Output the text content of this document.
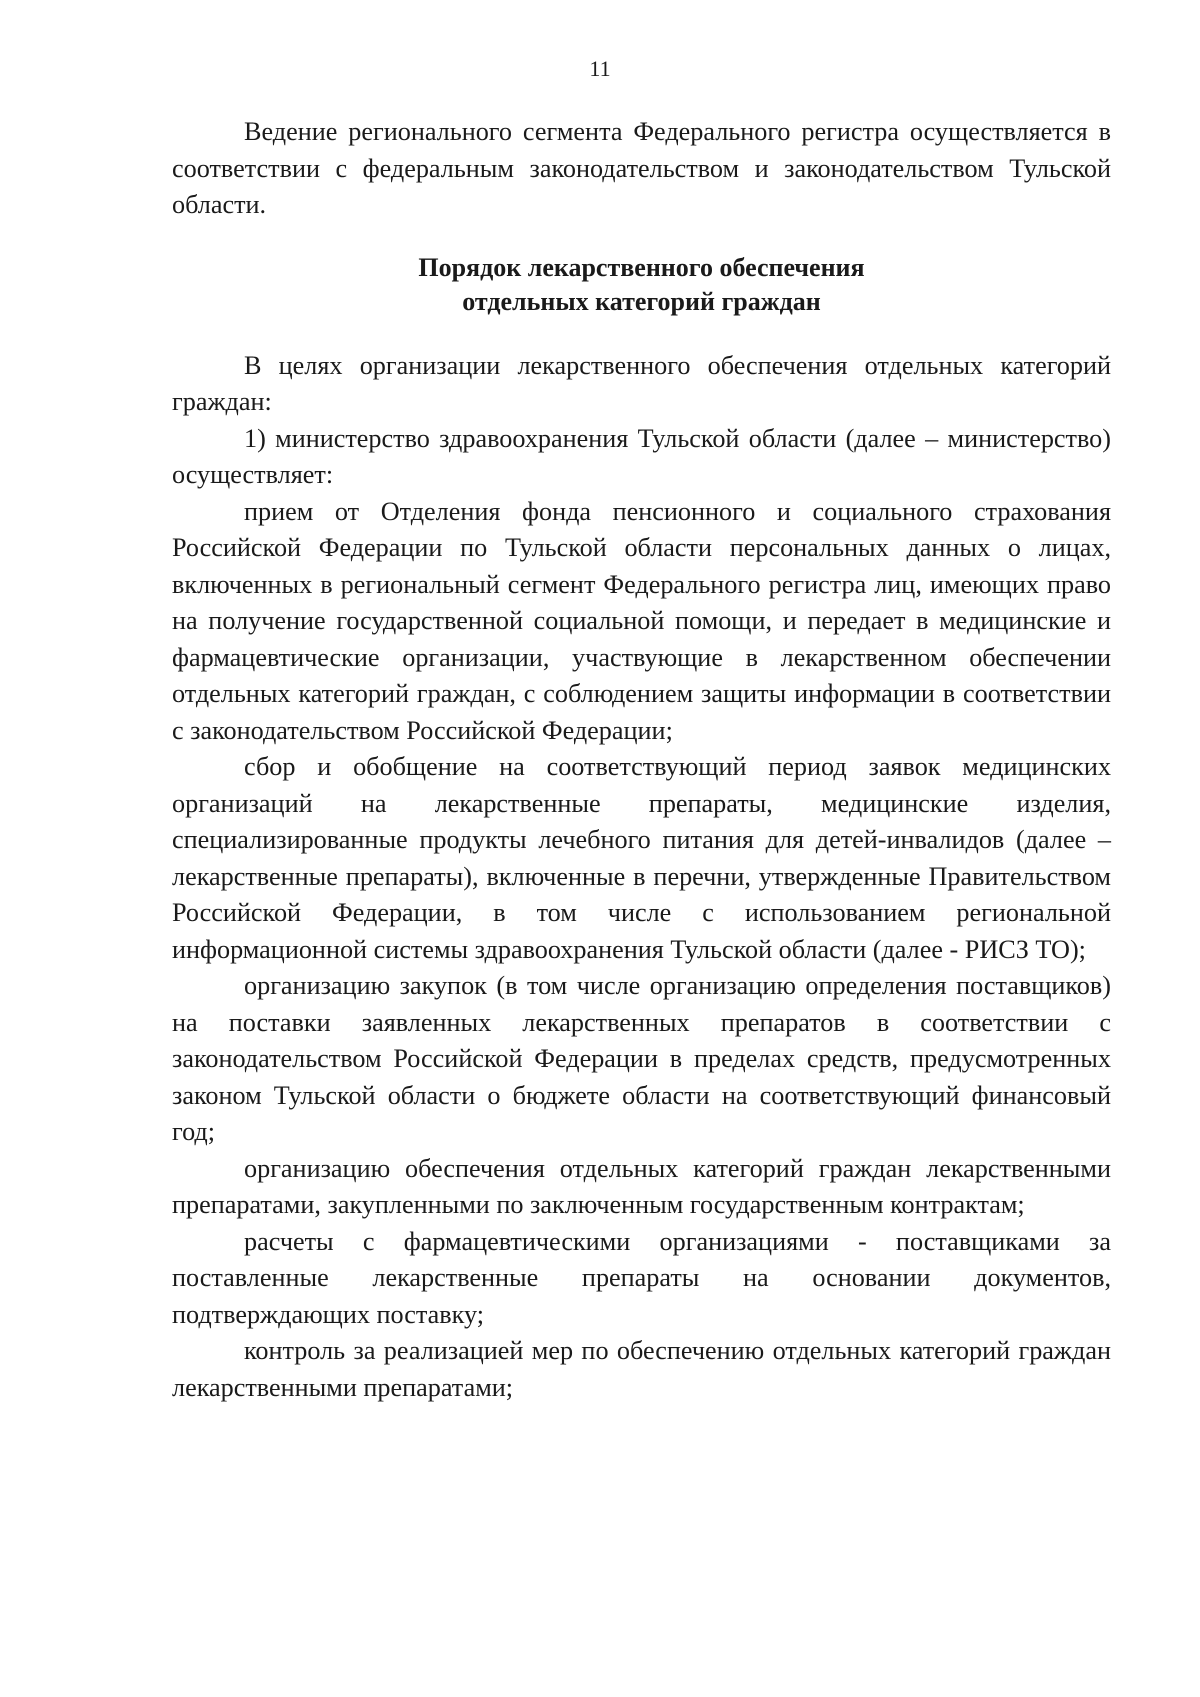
11

Ведение регионального сегмента Федерального регистра осуществляется в соответствии с федеральным законодательством и законодательством Тульской области.

Порядок лекарственного обеспечения
отдельных категорий граждан

В целях организации лекарственного обеспечения отдельных категорий граждан:

1) министерство здравоохранения Тульской области (далее – министерство) осуществляет:

прием от Отделения фонда пенсионного и социального страхования Российской Федерации по Тульской области персональных данных о лицах, включенных в региональный сегмент Федерального регистра лиц, имеющих право на получение государственной социальной помощи, и передает в медицинские и фармацевтические организации, участвующие в лекарственном обеспечении отдельных категорий граждан, с соблюдением защиты информации в соответствии с законодательством Российской Федерации;

сбор и обобщение на соответствующий период заявок медицинских организаций на лекарственные препараты, медицинские изделия, специализированные продукты лечебного питания для детей-инвалидов (далее – лекарственные препараты), включенные в перечни, утвержденные Правительством Российской Федерации, в том числе с использованием региональной информационной системы здравоохранения Тульской области (далее - РИСЗ ТО);

организацию закупок (в том числе организацию определения поставщиков) на поставки заявленных лекарственных препаратов в соответствии с законодательством Российской Федерации в пределах средств, предусмотренных законом Тульской области о бюджете области на соответствующий финансовый год;

организацию обеспечения отдельных категорий граждан лекарственными препаратами, закупленными по заключенным государственным контрактам;

расчеты с фармацевтическими организациями - поставщиками за поставленные лекарственные препараты на основании документов, подтверждающих поставку;

контроль за реализацией мер по обеспечению отдельных категорий граждан лекарственными препаратами;
